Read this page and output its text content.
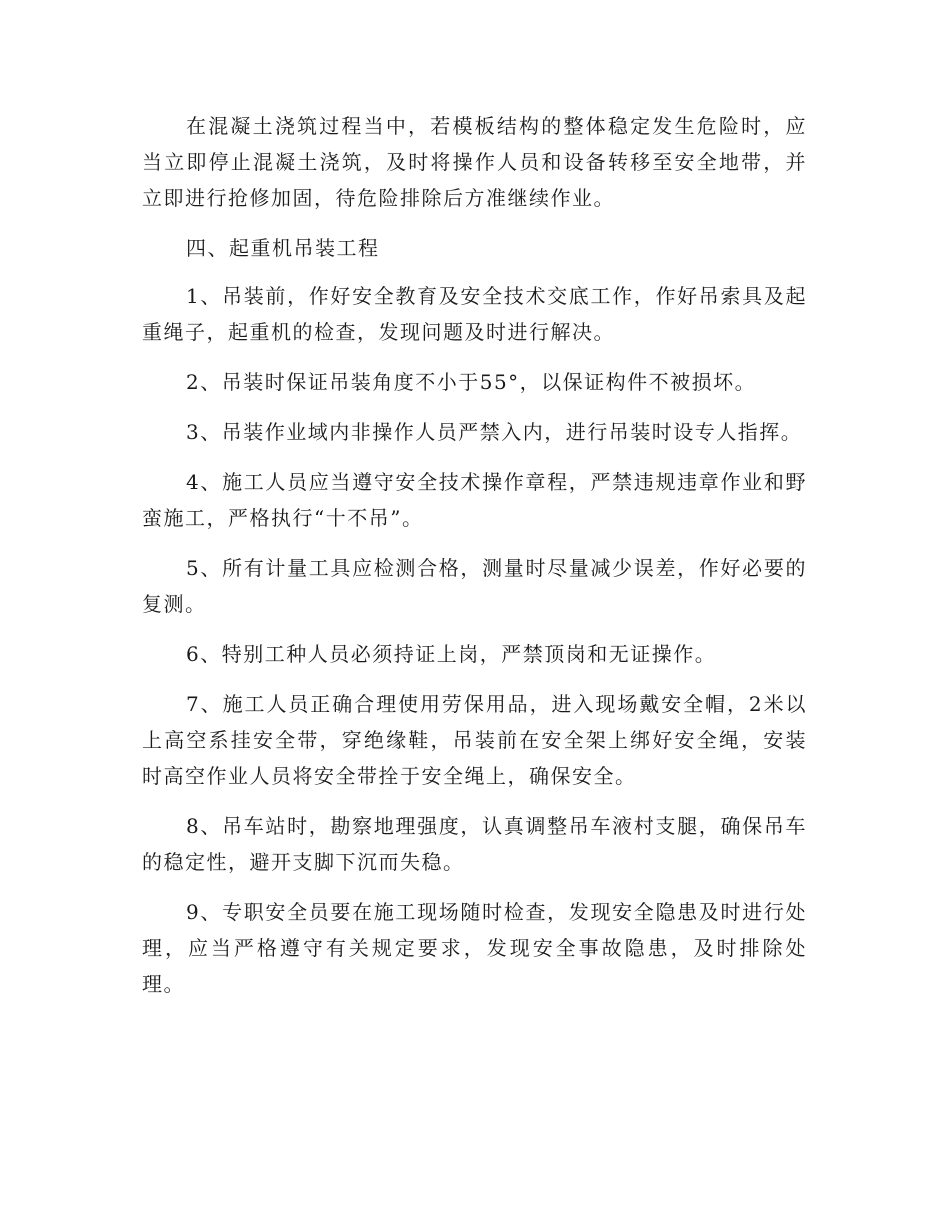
在混凝土浇筑过程当中，若模板结构的整体稳定发生危险时，应当立即停止混凝土浇筑，及时将操作人员和设备转移至安全地带，并立即进行抢修加固，待危险排除后方准继续作业。

四、起重机吊装工程

1、吊装前，作好安全教育及安全技术交底工作，作好吊索具及起重绳子，起重机的检查，发现问题及时进行解决。

2、吊装时保证吊装角度不小于55°，以保证构件不被损坏。

3、吊装作业域内非操作人员严禁入内，进行吊装时设专人指挥。

4、施工人员应当遵守安全技术操作章程，严禁违规违章作业和野蛮施工，严格执行“十不吊”。

5、所有计量工具应检测合格，测量时尽量减少误差，作好必要的复测。

6、特别工种人员必须持证上岗，严禁顶岗和无证操作。

7、施工人员正确合理使用劳保用品，进入现场戴安全帽，2米以上高空系挂安全带，穿绝缘鞋，吊装前在安全架上绑好安全绳，安装时高空作业人员将安全带拴于安全绳上，确保安全。

8、吊车站时，勘察地理强度，认真调整吊车液村支腿，确保吊车的稳定性，避开支脚下沉而失稳。

9、专职安全员要在施工现场随时检查，发现安全隐患及时进行处理，应当严格遵守有关规定要求，发现安全事故隐患，及时排除处理。
